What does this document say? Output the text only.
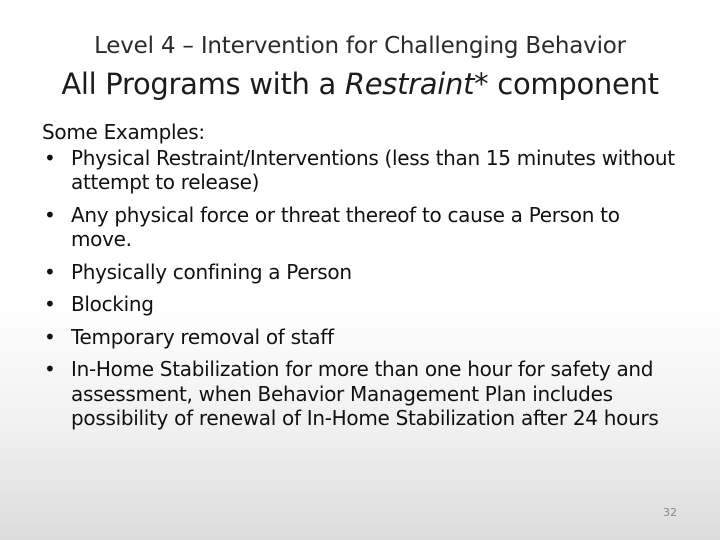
Level 4 – Intervention for Challenging Behavior
All Programs with a Restraint* component
Some Examples:
• Physical Restraint/Interventions (less than 15 minutes without attempt to release)
• Any physical force or threat thereof to cause a Person to move.
• Physically confining a Person
• Blocking
• Temporary removal of staff
• In-Home Stabilization for more than one hour for safety and assessment, when Behavior Management Plan includes possibility of renewal of In-Home Stabilization after 24 hours
32
